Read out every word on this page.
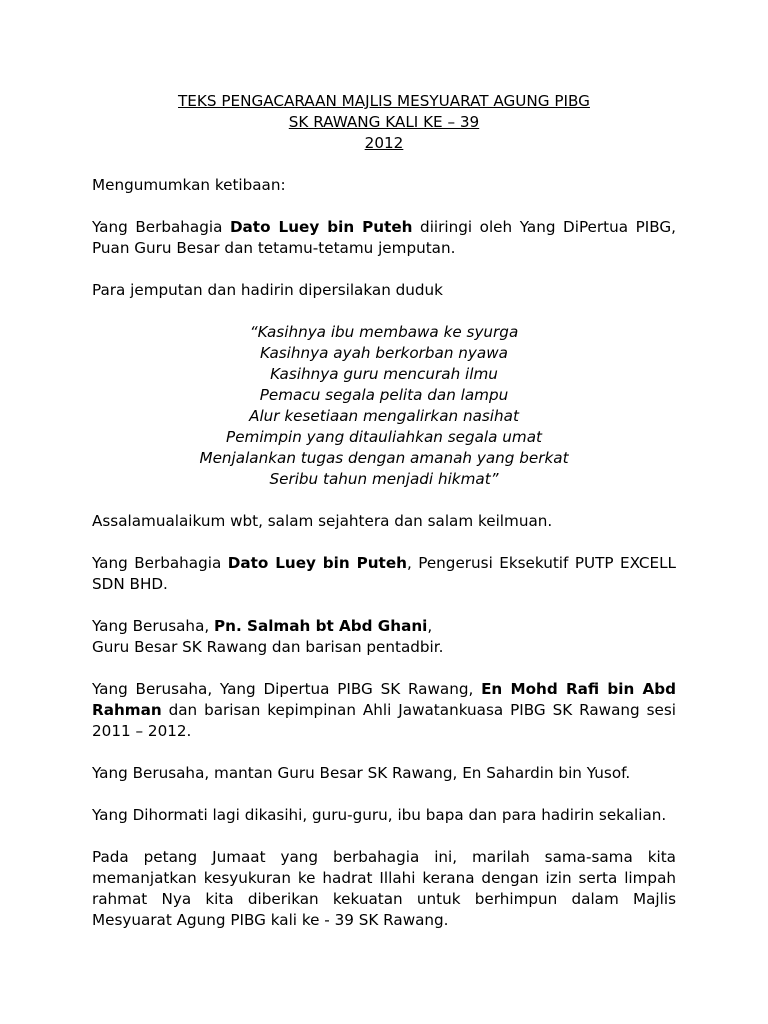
TEKS PENGACARAAN MAJLIS MESYUARAT AGUNG PIBG
SK RAWANG KALI KE – 39
2012

Mengumumkan ketibaan:

Yang Berbahagia Dato Luey bin Puteh diiringi oleh Yang DiPertua PIBG, Puan Guru Besar dan tetamu-tetamu jemputan.

Para jemputan dan hadirin dipersilakan duduk

“Kasihnya ibu membawa ke syurga
Kasihnya ayah berkorban nyawa
Kasihnya guru mencurah ilmu
Pemacu segala pelita dan lampu
Alur kesetiaan mengalirkan nasihat
Pemimpin yang ditauliahkan segala umat
Menjalankan tugas dengan amanah yang berkat
Seribu tahun menjadi hikmat”

Assalamualaikum wbt, salam sejahtera dan salam keilmuan.

Yang Berbahagia Dato Luey bin Puteh, Pengerusi Eksekutif PUTP EXCELL SDN BHD.

Yang Berusaha, Pn. Salmah bt Abd Ghani,
Guru Besar SK Rawang dan barisan pentadbir.

Yang Berusaha, Yang Dipertua PIBG SK Rawang, En Mohd Rafi bin Abd Rahman dan barisan kepimpinan Ahli Jawatankuasa PIBG SK Rawang sesi 2011 – 2012.

Yang Berusaha, mantan Guru Besar SK Rawang, En Sahardin bin Yusof.

Yang Dihormati lagi dikasihi, guru-guru, ibu bapa dan para hadirin sekalian.

Pada petang Jumaat yang berbahagia ini, marilah sama-sama kita memanjatkan kesyukuran ke hadrat Illahi kerana dengan izin serta limpah rahmat Nya kita diberikan kekuatan untuk berhimpun dalam Majlis Mesyuarat Agung PIBG kali ke - 39 SK Rawang.
